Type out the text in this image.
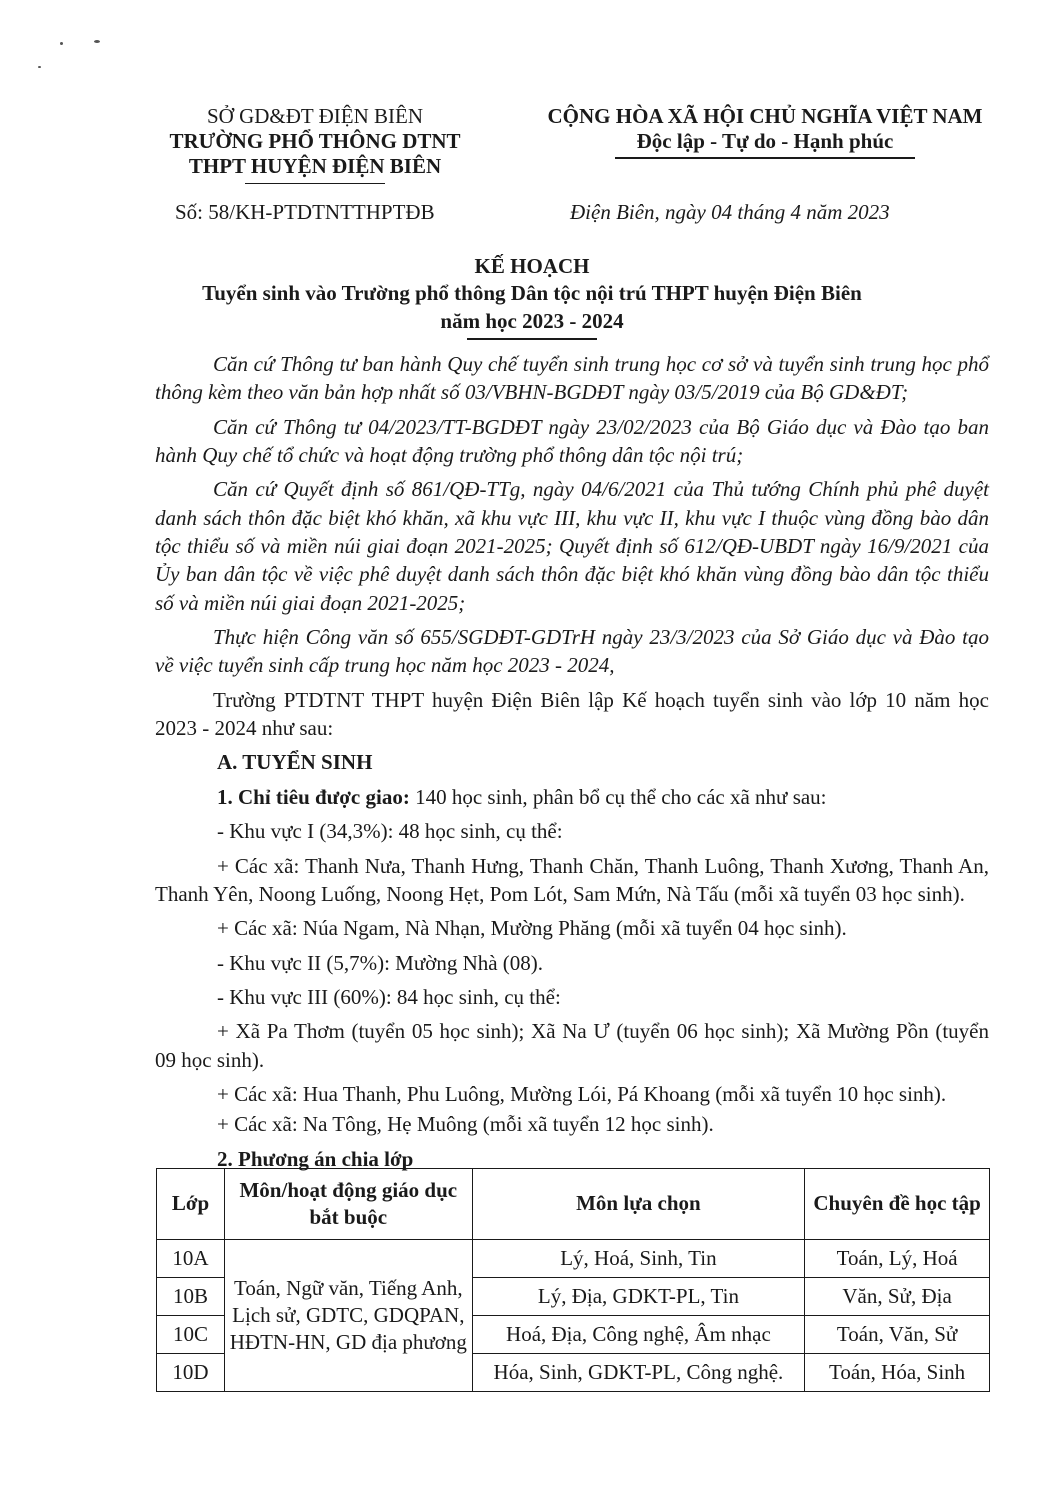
SỞ GD&ĐT ĐIỆN BIÊN
TRƯỜNG PHỔ THÔNG DTNT
THPT HUYỆN ĐIỆN BIÊN
CỘNG HÒA XÃ HỘI CHỦ NGHĨA VIỆT NAM
Độc lập - Tự do - Hạnh phúc
Số: 58/KH-PTDTNTTHPTĐB	Điện Biên, ngày 04 tháng 4 năm 2023
KẾ HOẠCH
Tuyển sinh vào Trường phổ thông Dân tộc nội trú THPT huyện Điện Biên
năm học 2023 - 2024

Căn cứ Thông tư ban hành Quy chế tuyển sinh trung học cơ sở và tuyển sinh trung học phổ thông kèm theo văn bản hợp nhất số 03/VBHN-BGDĐT ngày 03/5/2019 của Bộ GD&ĐT;

Căn cứ Thông tư 04/2023/TT-BGDĐT ngày 23/02/2023 của Bộ Giáo dục và Đào tạo ban hành Quy chế tổ chức và hoạt động trường phổ thông dân tộc nội trú;

Căn cứ Quyết định số 861/QĐ-TTg, ngày 04/6/2021 của Thủ tướng Chính phủ phê duyệt danh sách thôn đặc biệt khó khăn, xã khu vực III, khu vực II, khu vực I thuộc vùng đồng bào dân tộc thiểu số và miền núi giai đoạn 2021-2025; Quyết định số 612/QĐ-UBDT ngày 16/9/2021 của Ủy ban dân tộc về việc phê duyệt danh sách thôn đặc biệt khó khăn vùng đồng bào dân tộc thiểu số và miền núi giai đoạn 2021-2025;

Thực hiện Công văn số 655/SGDĐT-GDTrH ngày 23/3/2023 của Sở Giáo dục và Đào tạo về việc tuyển sinh cấp trung học năm học 2023 - 2024,

Trường PTDTNT THPT huyện Điện Biên lập Kế hoạch tuyển sinh vào lớp 10 năm học 2023 - 2024 như sau:

A. TUYỂN SINH

1. Chỉ tiêu được giao: 140 học sinh, phân bổ cụ thể cho các xã như sau:

- Khu vực I (34,3%): 48 học sinh, cụ thể:

+ Các xã: Thanh Nưa, Thanh Hưng, Thanh Chăn, Thanh Luông, Thanh Xương, Thanh An, Thanh Yên, Noong Luống, Noong Hẹt, Pom Lót, Sam Mứn, Nà Tấu (mỗi xã tuyển 03 học sinh).

+ Các xã: Núa Ngam, Nà Nhạn, Mường Phăng (mỗi xã tuyển 04 học sinh).

- Khu vực II (5,7%): Mường Nhà (08).

- Khu vực III (60%): 84 học sinh, cụ thể:

+ Xã Pa Thơm (tuyển 05 học sinh); Xã Na Ư (tuyển 06 học sinh); Xã Mường Pồn (tuyển 09 học sinh).

+ Các xã: Hua Thanh, Phu Luông, Mường Lói, Pá Khoang (mỗi xã tuyển 10 học sinh).

+ Các xã: Na Tông, Hẹ Muông (mỗi xã tuyển 12 học sinh).

2. Phương án chia lớp

Lớp	Môn/hoạt động giáo dục bắt buộc	Môn lựa chọn	Chuyên đề học tập
10A	Toán, Ngữ văn, Tiếng Anh, Lịch sử, GDTC, GDQPAN, HĐTN-HN, GD địa phương	Lý, Hoá, Sinh, Tin	Toán, Lý, Hoá
10B		Lý, Địa, GDKT-PL, Tin	Văn, Sử, Địa
10C		Hoá, Địa, Công nghệ, Âm nhạc	Toán, Văn, Sử
10D		Hóa, Sinh, GDKT-PL, Công nghệ.	Toán, Hóa, Sinh
